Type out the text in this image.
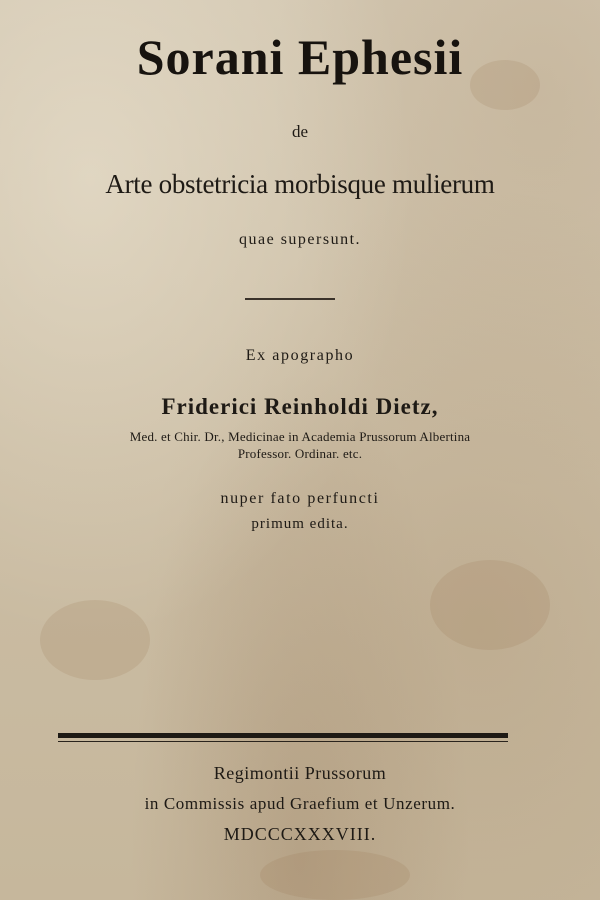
Sorani Ephesii
de
Arte obstetricia morbisque mulierum
quae supersunt.
Ex apographo
Friderici Reinholdi Dietz,
Med. et Chir. Dr., Medicinae in Academia Prussorum Albertina
Professor. Ordinar. etc.
nuper fato perfuncti
primum edita.
Regimontii Prussorum
in Commissis apud Graefium et Unzerum.
MDCCCXXXVIII.
